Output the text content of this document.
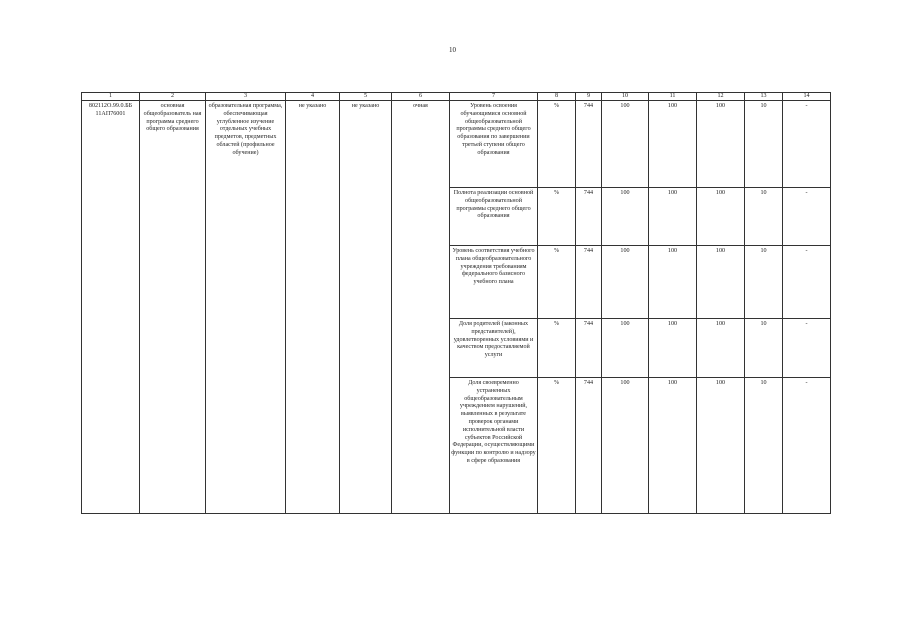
10
1	2	3	4	5	6	7	8	9	10	11	12	13	14
802112О.99.0.ББ 11АП76001	основная общеобразователь ная программа среднего общего образования	образовательная программа, обеспечивающая углубленное изучение отдельных учебных предметов, предметных областей (профильное обучение)	не указано	не указано	очная	Уровень освоения обучающимися основной общеобразовательной программы среднего общего образования по завершении третьей ступени общего образования	%	744	100	100	100	10	-
						Полнота реализации основной общеобразовательной программы среднего общего образования	%	744	100	100	100	10	-
						Уровень соответствия учебного плана общеобразовательного учреждения требованиям федерального базисного учебного плана	%	744	100	100	100	10	-
						Доля родителей (законных представителей), удовлетворенных условиями и качеством предоставляемой услуги	%	744	100	100	100	10	-
						Доля своевременно устраненных общеобразовательным учреждением нарушений, выявленных в результате проверок органами исполнительной власти субъектов Российской Федерации, осуществляющими функции по контролю и надзору в сфере образования	%	744	100	100	100	10	-
